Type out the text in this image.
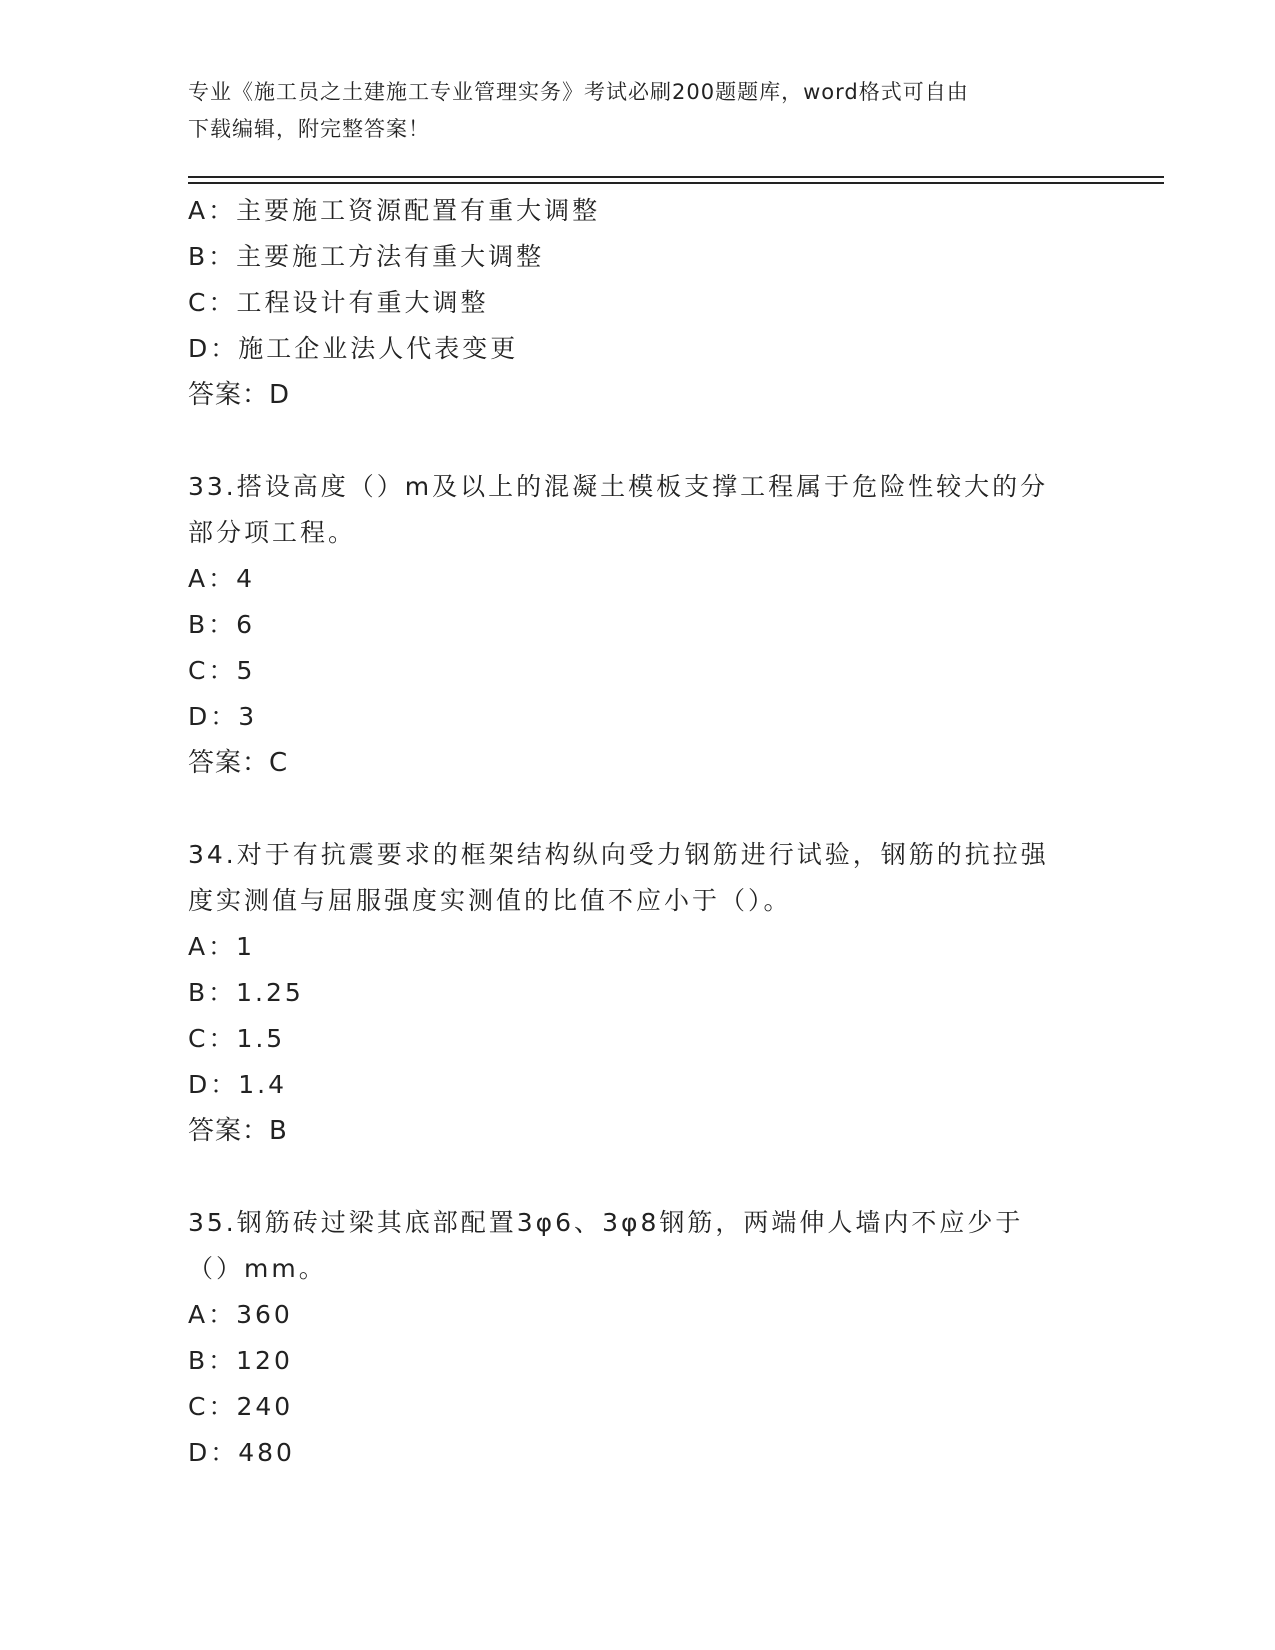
专业《施工员之土建施工专业管理实务》考试必刷200题题库，word格式可自由
下载编辑，附完整答案！
A：主要施工资源配置有重大调整
B：主要施工方法有重大调整
C：工程设计有重大调整
D：施工企业法人代表变更
答案：D
33.搭设高度（）m及以上的混凝土模板支撑工程属于危险性较大的分
部分项工程。
A：4
B：6
C：5
D：3
答案：C
34.对于有抗震要求的框架结构纵向受力钢筋进行试验，钢筋的抗拉强
度实测值与屈服强度实测值的比值不应小于（）。
A：1
B：1.25
C：1.5
D：1.4
答案：B
35.钢筋砖过梁其底部配置3φ6、3φ8钢筋，两端伸人墙内不应少于
（）mm。
A：360
B：120
C：240
D：480
